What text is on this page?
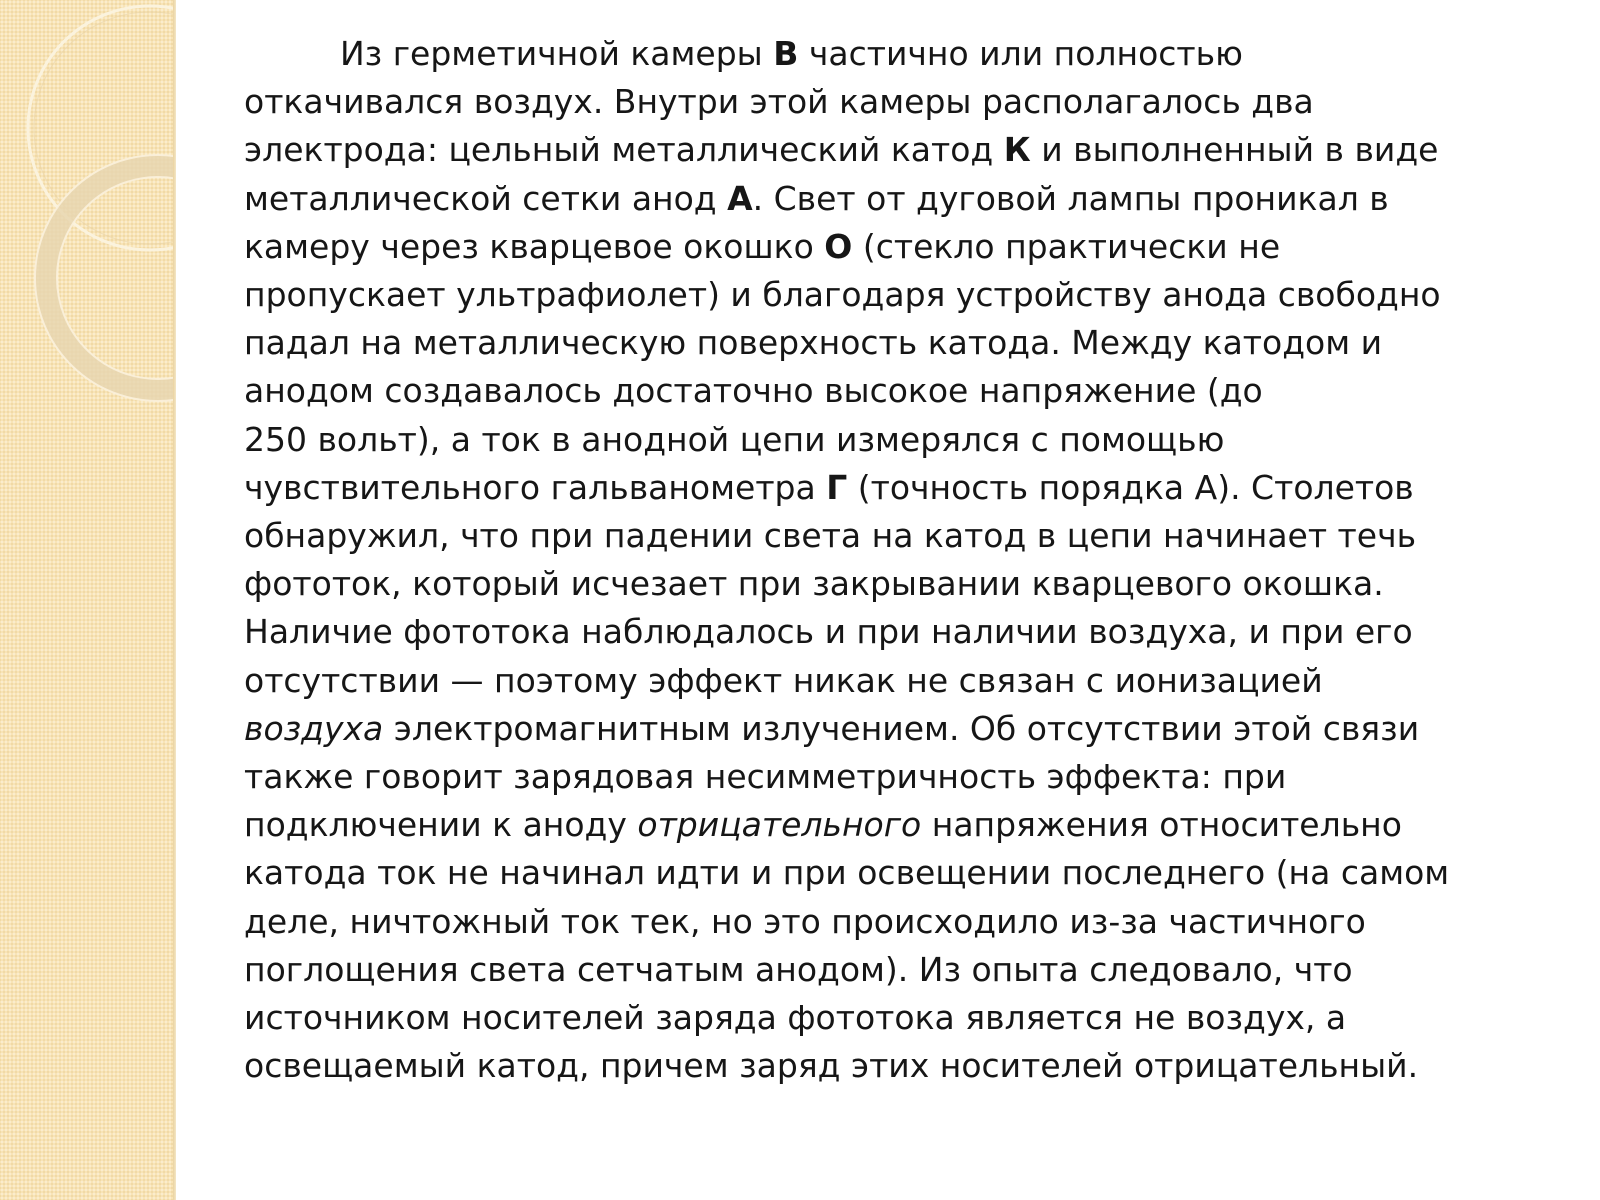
Из герметичной камеры В частично или полностью
откачивался воздух. Внутри этой камеры располагалось два
электрода: цельный металлический катод К и выполненный в виде
металлической сетки анод А. Свет от дуговой лампы проникал в
камеру через кварцевое окошко О (стекло практически не
пропускает ультрафиолет) и благодаря устройству анода свободно
падал на металлическую поверхность катода. Между катодом и
анодом создавалось достаточно высокое напряжение (до
250 вольт), а ток в анодной цепи измерялся с помощью
чувствительного гальванометра Г (точность порядка А). Столетов
обнаружил, что при падении света на катод в цепи начинает течь
фототок, который исчезает при закрывании кварцевого окошка.
Наличие фототока наблюдалось и при наличии воздуха, и при его
отсутствии — поэтому эффект никак не связан с ионизацией
воздуха электромагнитным излучением. Об отсутствии этой связи
также говорит зарядовая несимметричность эффекта: при
подключении к аноду отрицательного напряжения относительно
катода ток не начинал идти и при освещении последнего (на самом
деле, ничтожный ток тек, но это происходило из-за частичного
поглощения света сетчатым анодом). Из опыта следовало, что
источником носителей заряда фототока является не воздух, а
освещаемый катод, причем заряд этих носителей отрицательный.
